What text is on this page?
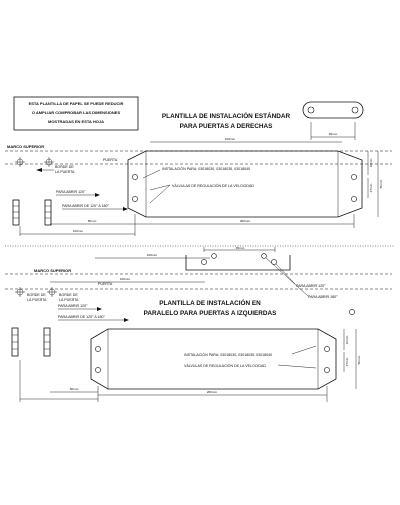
ESTA PLANTILLA DE PAPEL SE PUEDE REDUCIR
O AMPLIAR COMPROBAR LAS DIMENSIONES
MOSTRADAS EN ESTA HOJA
PLANTILLA DE INSTALACIÓN ESTÁNDAR
PARA PUERTAS A DERECHAS
45mm
100mm
MARCO SUPERIOR
PUERTA
BORDE DE
LA PUERTA
PARA ABRIR 120°
PARA ABRIR DE 120° A 180°
INSTALACIÓN PARA: 03018030, 03018035, 03018040
VÁLVULAS DE REGULACIÓN DE LA VELOCIDAD
10mm
27mm 50mm
50mm	260mm
100mm
45mm
PARA ABRIR 120°
PARA ABRIR 180°
100mm
100mm
MARCO SUPERIOR
PUERTA
BORDE DE
LA PUERTA
BORDE DE
LA PUERTA
PARA ABRIR 120°
PARA ABRIR DE 120° A 180°
PLANTILLA DE INSTALACIÓN EN
PARALELO PARA PUERTAS A IZQUIERDAS
INSTALACIÓN PARA: 03018030, 03018035, 03018040
VÁLVULAS DE REGULACIÓN DE LA VELOCIDAD
10mm
27mm	50mm
50mm
260mm
